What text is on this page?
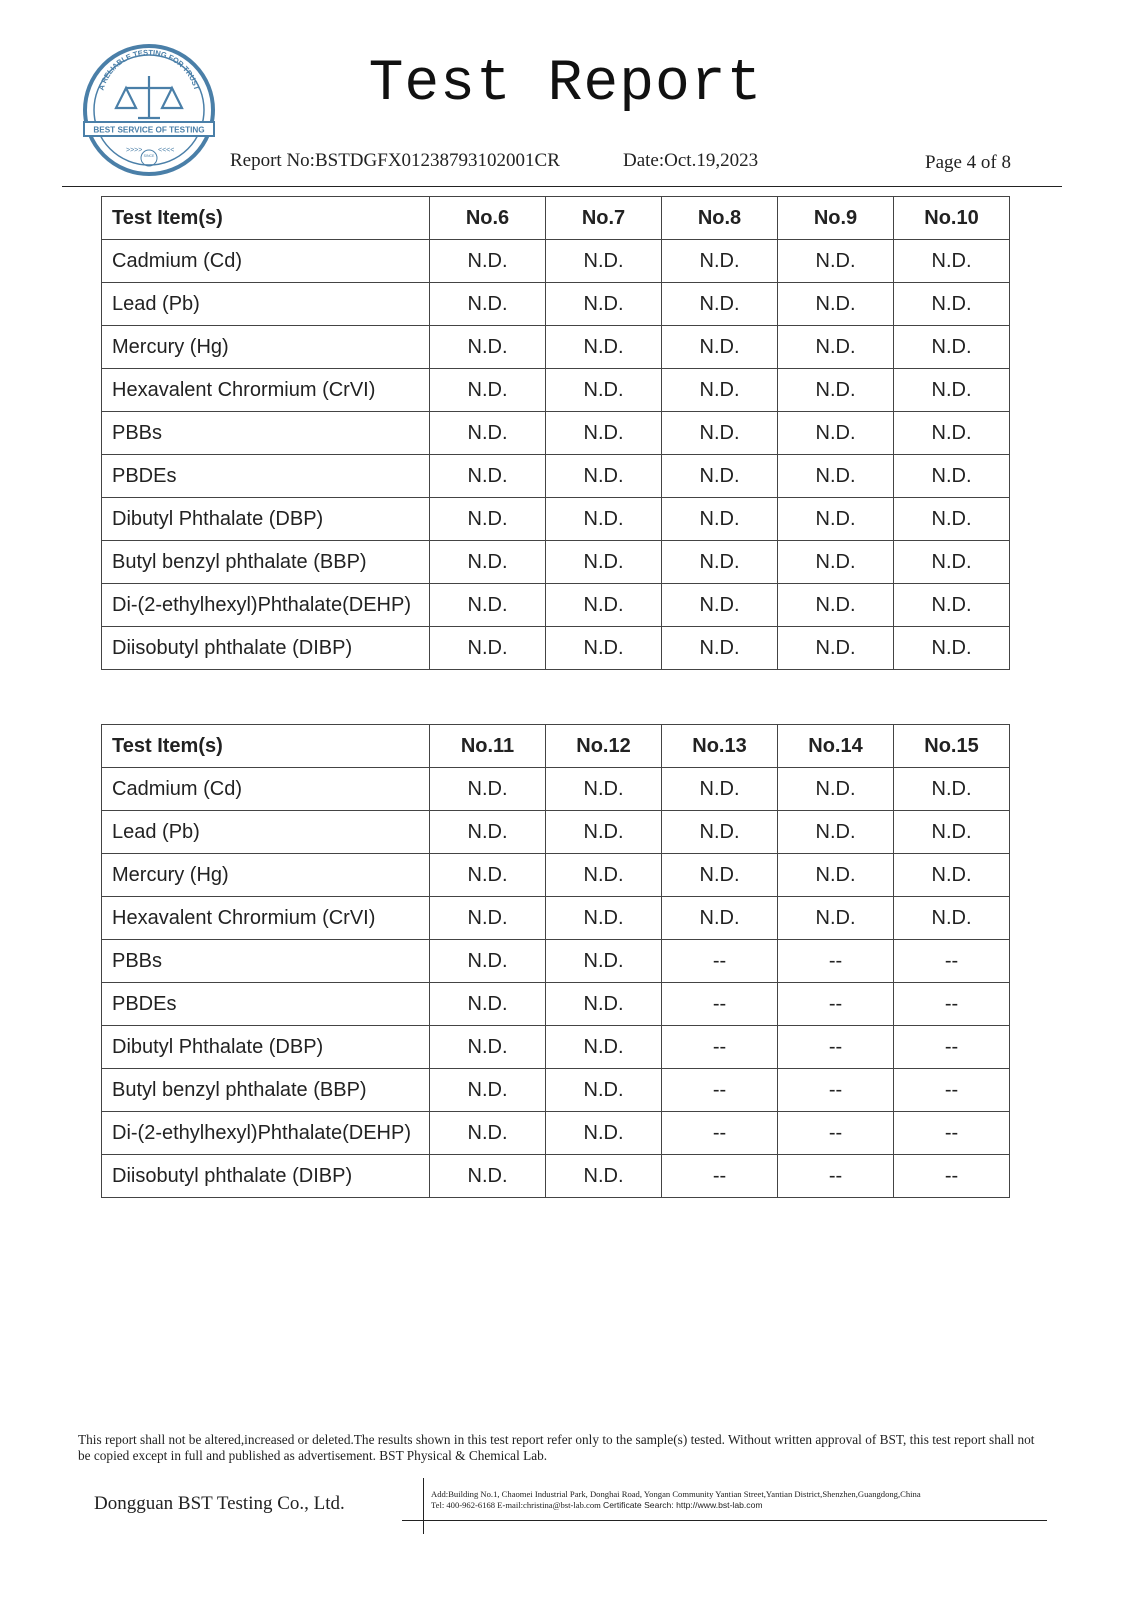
A RELIABLE TESTING FOR TRUST
BEST SERVICE OF TESTING
>>>> <<<<
SINCE
Test Report
Report No:BSTDGFX01238793102001CR	Date:Oct.19,2023	Page 4 of 8
Test Item(s)	No.6	No.7	No.8	No.9	No.10
Cadmium (Cd)	N.D.	N.D.	N.D.	N.D.	N.D.
Lead (Pb)	N.D.	N.D.	N.D.	N.D.	N.D.
Mercury (Hg)	N.D.	N.D.	N.D.	N.D.	N.D.
Hexavalent Chrormium (CrVI)	N.D.	N.D.	N.D.	N.D.	N.D.
PBBs	N.D.	N.D.	N.D.	N.D.	N.D.
PBDEs	N.D.	N.D.	N.D.	N.D.	N.D.
Dibutyl Phthalate (DBP)	N.D.	N.D.	N.D.	N.D.	N.D.
Butyl benzyl phthalate (BBP)	N.D.	N.D.	N.D.	N.D.	N.D.
Di-(2-ethylhexyl)Phthalate(DEHP)	N.D.	N.D.	N.D.	N.D.	N.D.
Diisobutyl phthalate (DIBP)	N.D.	N.D.	N.D.	N.D.	N.D.
Test Item(s)	No.11	No.12	No.13	No.14	No.15
Cadmium (Cd)	N.D.	N.D.	N.D.	N.D.	N.D.
Lead (Pb)	N.D.	N.D.	N.D.	N.D.	N.D.
Mercury (Hg)	N.D.	N.D.	N.D.	N.D.	N.D.
Hexavalent Chrormium (CrVI)	N.D.	N.D.	N.D.	N.D.	N.D.
PBBs	N.D.	N.D.	--	--	--
PBDEs	N.D.	N.D.	--	--	--
Dibutyl Phthalate (DBP)	N.D.	N.D.	--	--	--
Butyl benzyl phthalate (BBP)	N.D.	N.D.	--	--	--
Di-(2-ethylhexyl)Phthalate(DEHP)	N.D.	N.D.	--	--	--
Diisobutyl phthalate (DIBP)	N.D.	N.D.	--	--	--
This report shall not be altered,increased or deleted.The results shown in this test report refer only to the sample(s) tested. Without written approval of BST, this test report shall not be copied except in full and published as advertisement. BST Physical & Chemical Lab.
Dongguan BST Testing Co., Ltd.	Add:Building No.1, Chaomei Industrial Park, Donghai Road, Yongan Community Yantian Street,Yantian District,Shenzhen,Guangdong,China
Tel: 400-962-6168 E-mail:christina@bst-lab.com Certificate Search: http://www.bst-lab.com
